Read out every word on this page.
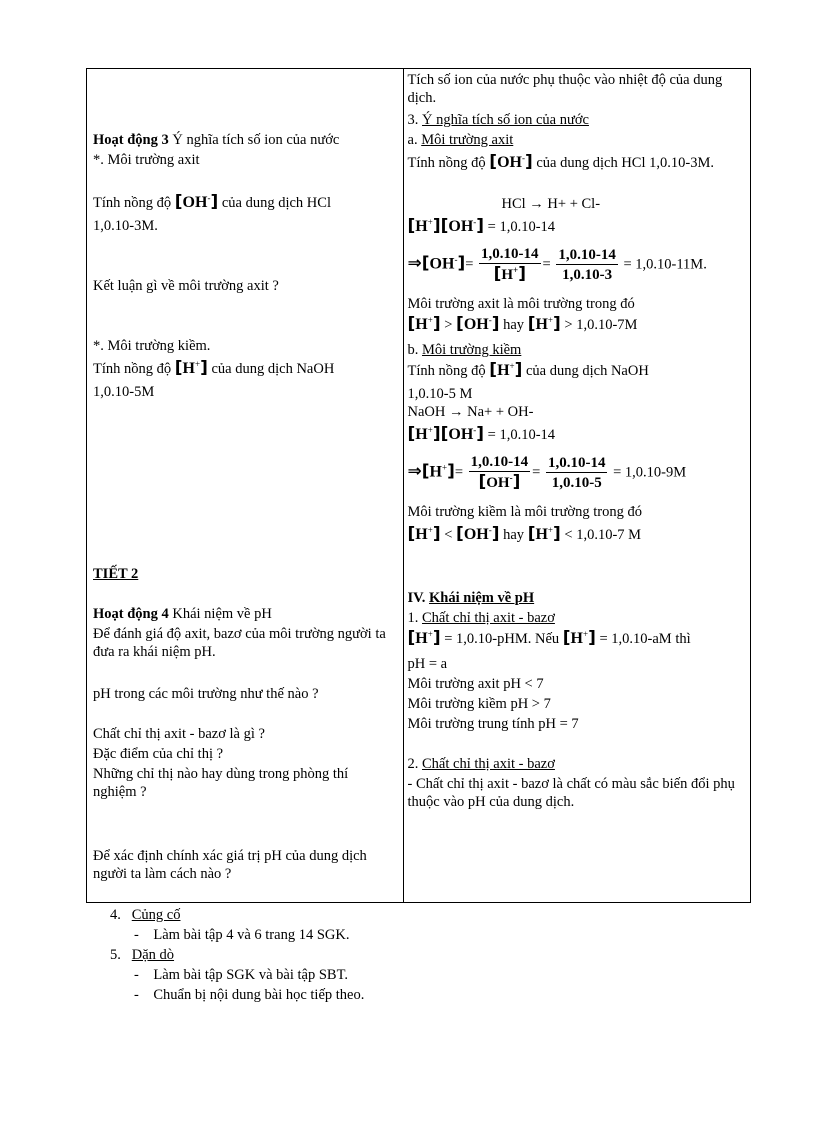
Hoạt động 3 Ý nghĩa tích số ion của nước
*. Môi trường axit
Tính nồng độ [OH-] của dung dịch HCl
1,0.10-3M.
Kết luận gì về môi trường axit ?
*. Môi trường kiềm.
Tính nồng độ [H+] của dung dịch NaOH
1,0.10-5M
TIẾT 2
Hoạt động 4 Khái niệm về pH
Để đánh giá độ axit, bazơ của môi trường người ta đưa ra khái niệm pH.
pH trong các môi trường như thế nào ?
Chất chỉ thị axit - bazơ là gì ?
Đặc điểm của chỉ thị ?
Những chỉ thị nào hay dùng trong phòng thí nghiệm ?
Để xác định chính xác giá trị pH của dung dịch người ta làm cách nào ?

Tích số ion của nước phụ thuộc vào nhiệt độ của dung dịch.
3. Ý nghĩa tích số ion của nước
a. Môi trường axit
Tính nồng độ [OH-] của dung dịch HCl 1,0.10-3M.
HCl → H+ + Cl-
[H+][OH-] = 1,0.10-14
⇒[OH-]= $\frac{1,0.10-14}{[H^+]} = \frac{1,0.10-14}{1,0.10-3} = 1,0.10-11M$.
Môi trường axit là môi trường trong đó
[H+] > [OH-] hay [H+] > 1,0.10-7M
b. Môi trường kiềm
Tính nồng độ [H+] của dung dịch NaOH
1,0.10-5 M
NaOH → Na+ + OH-
[H+][OH-] = 1,0.10-14
⇒[H+]= $\frac{1,0.10-14}{[OH^-]} = \frac{1,0.10-14}{1,0.10-5} = 1,0.10-9M$
Môi trường kiềm là môi trường trong đó
[H+] < [OH-] hay [H+] < 1,0.10-7 M
IV. Khái niệm về pH
1. Chất chỉ thị axit - bazơ
[H+] = 1,0.10-pHM. Nếu [H+] = 1,0.10-aM thì
pH = a
Môi trường axit pH < 7
Môi trường kiềm pH > 7
Môi trường trung tính pH = 7
2. Chất chỉ thị axit - bazơ
- Chất chỉ thị axit - bazơ là chất có màu sắc biến đổi phụ thuộc vào pH của dung dịch.
4. Củng cố
- Làm bài tập 4 và 6 trang 14 SGK.
5. Dặn dò
- Làm bài tập SGK và bài tập SBT.
- Chuẩn bị nội dung bài học tiếp theo.
